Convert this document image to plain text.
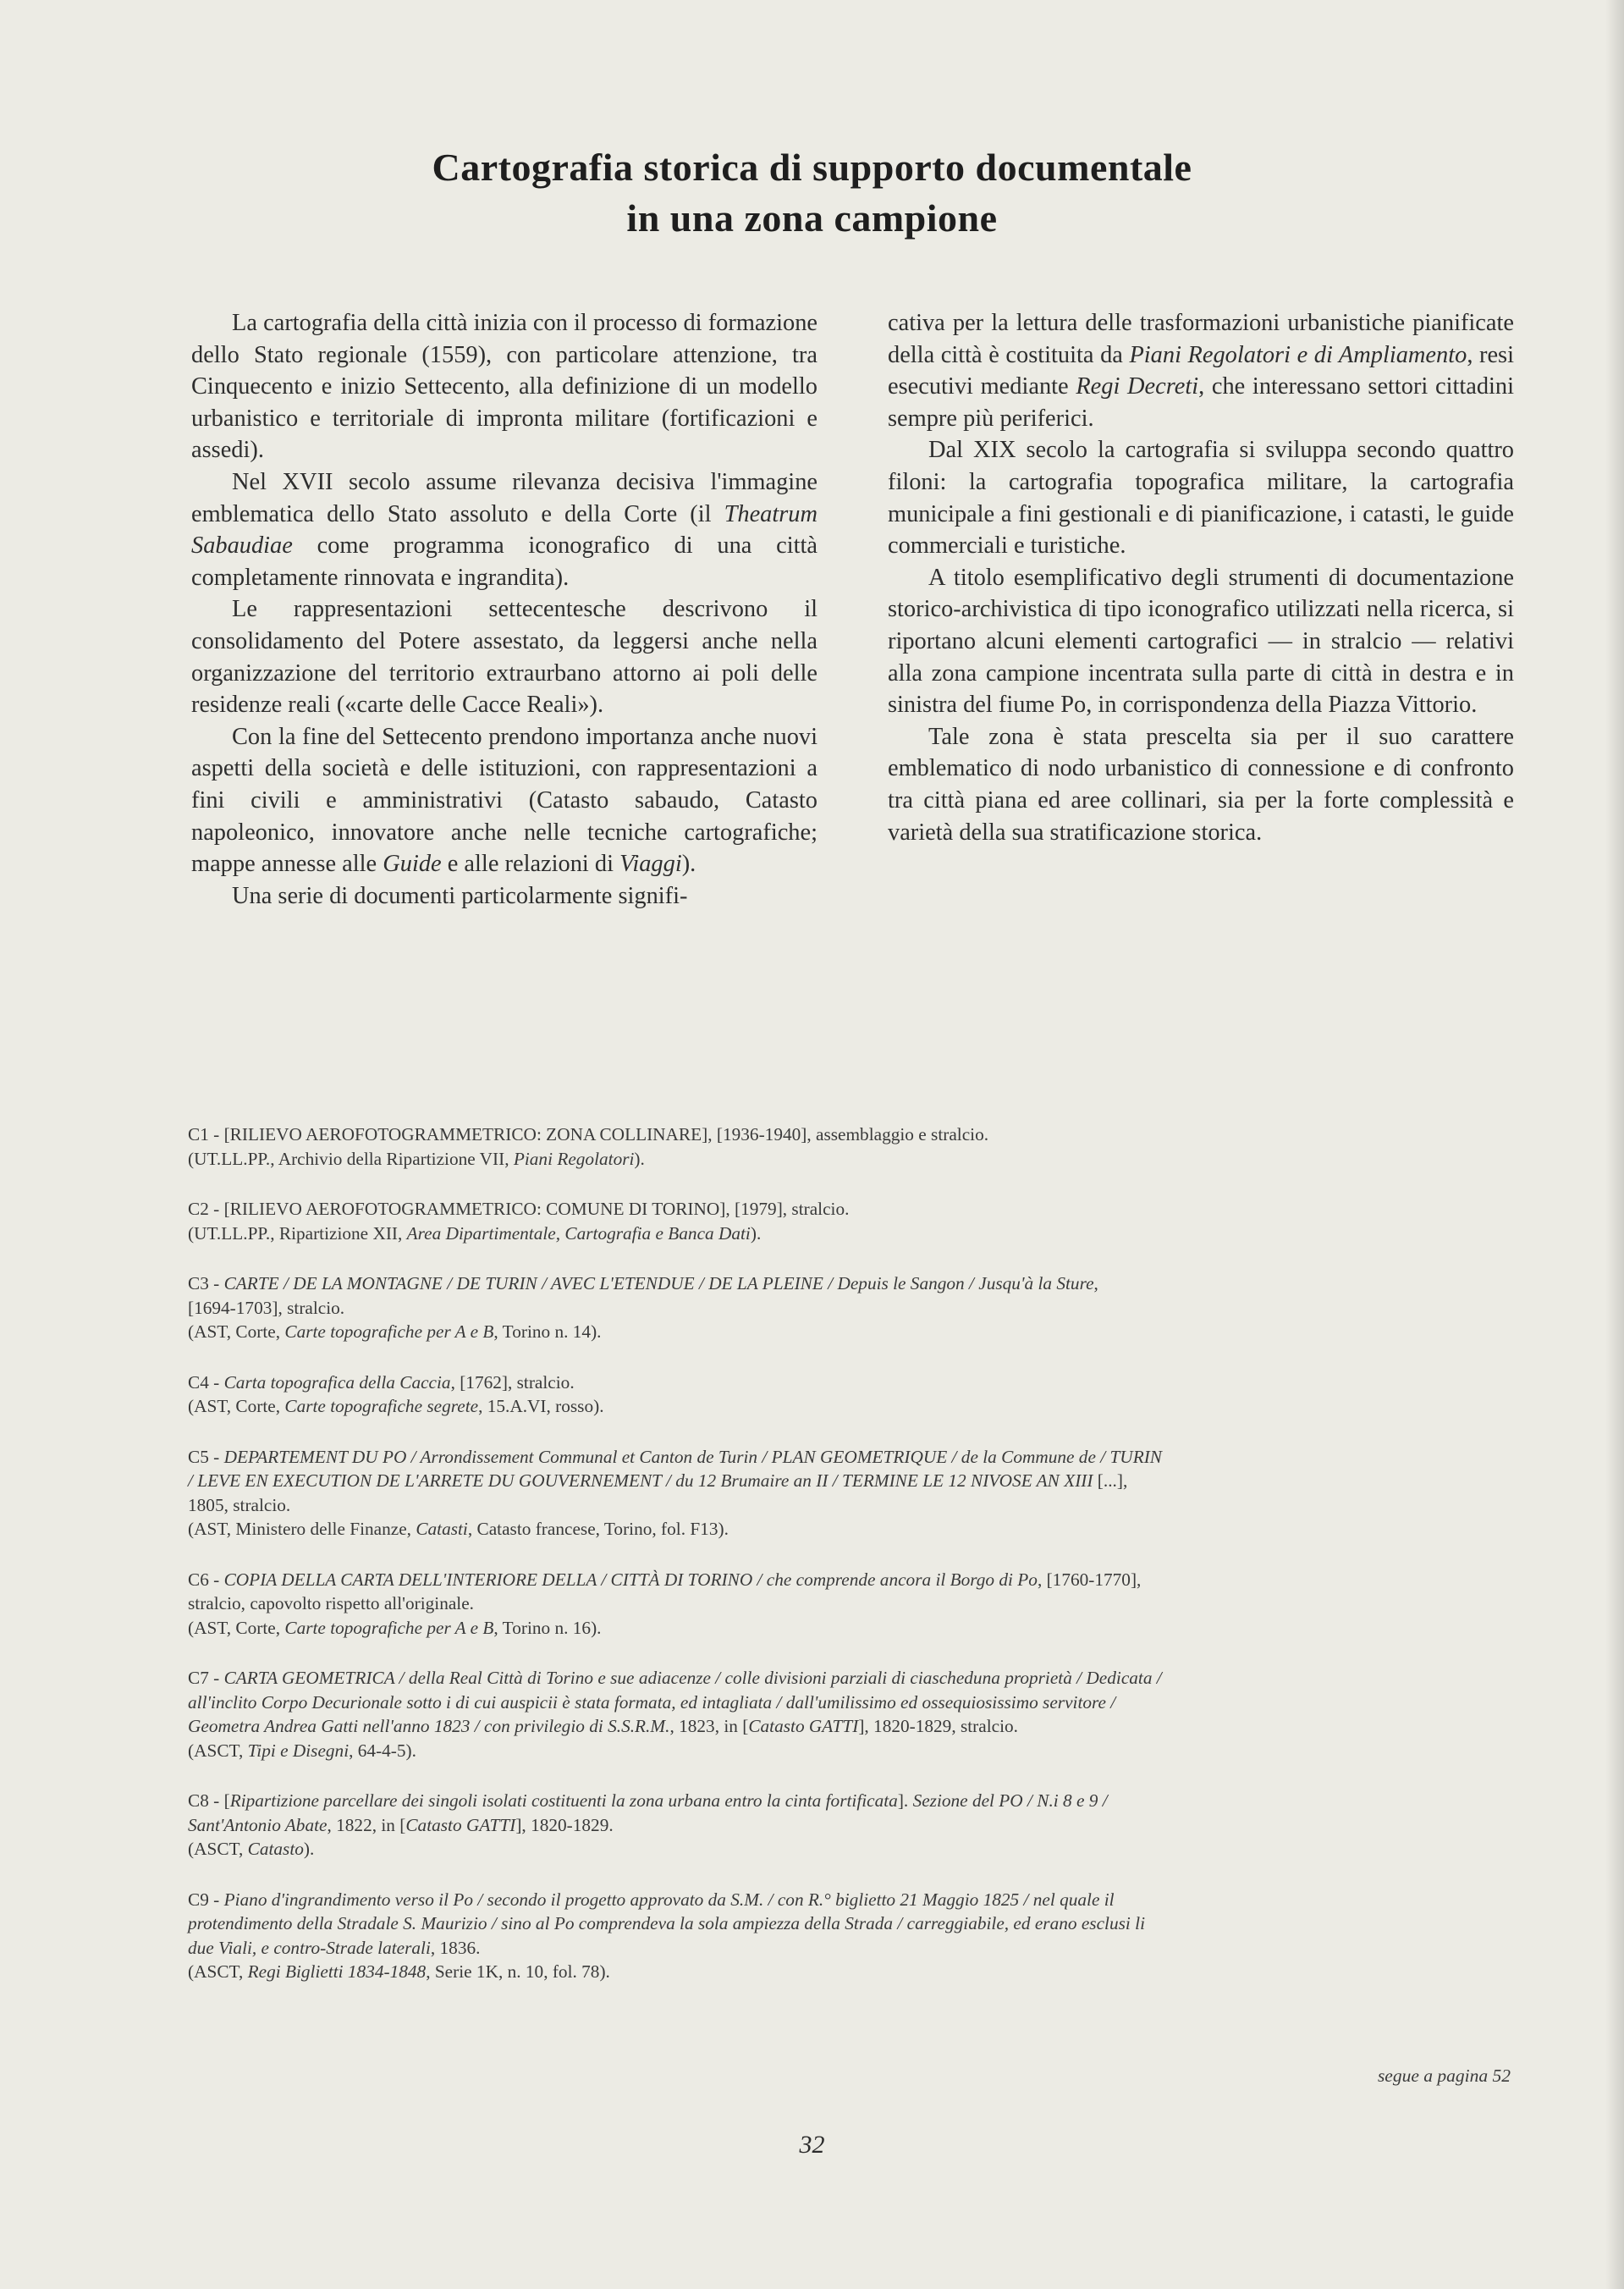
Cartografia storica di supporto documentale
in una zona campione

La cartografia della città inizia con il processo di formazione dello Stato regionale (1559), con particolare attenzione, tra Cinquecento e inizio Settecento, alla definizione di un modello urbanistico e territoriale di impronta militare (fortificazioni e assedi).

Nel XVII secolo assume rilevanza decisiva l'immagine emblematica dello Stato assoluto e della Corte (il Theatrum Sabaudiae come programma iconografico di una città completamente rinnovata e ingrandita).

Le rappresentazioni settecentesche descrivono il consolidamento del Potere assestato, da leggersi anche nella organizzazione del territorio extraurbano attorno ai poli delle residenze reali («carte delle Cacce Reali»).

Con la fine del Settecento prendono importanza anche nuovi aspetti della società e delle istituzioni, con rappresentazioni a fini civili e amministrativi (Catasto sabaudo, Catasto napoleonico, innovatore anche nelle tecniche cartografiche; mappe annesse alle Guide e alle relazioni di Viaggi).

Una serie di documenti particolarmente signifi-

cativa per la lettura delle trasformazioni urbanistiche pianificate della città è costituita da Piani Regolatori e di Ampliamento, resi esecutivi mediante Regi Decreti, che interessano settori cittadini sempre più periferici.

Dal XIX secolo la cartografia si sviluppa secondo quattro filoni: la cartografia topografica militare, la cartografia municipale a fini gestionali e di pianificazione, i catasti, le guide commerciali e turistiche.

A titolo esemplificativo degli strumenti di documentazione storico-archivistica di tipo iconografico utilizzati nella ricerca, si riportano alcuni elementi cartografici — in stralcio — relativi alla zona campione incentrata sulla parte di città in destra e in sinistra del fiume Po, in corrispondenza della Piazza Vittorio.

Tale zona è stata prescelta sia per il suo carattere emblematico di nodo urbanistico di connessione e di confronto tra città piana ed aree collinari, sia per la forte complessità e varietà della sua stratificazione storica.

C1 - [RILIEVO AEROFOTOGRAMMETRICO: ZONA COLLINARE], [1936-1940], assemblaggio e stralcio.
(UT.LL.PP., Archivio della Ripartizione VII, Piani Regolatori).
C2 - [RILIEVO AEROFOTOGRAMMETRICO: COMUNE DI TORINO], [1979], stralcio.
(UT.LL.PP., Ripartizione XII, Area Dipartimentale, Cartografia e Banca Dati).
C3 - CARTE / DE LA MONTAGNE / DE TURIN / AVEC L'ETENDUE / DE LA PLEINE / Depuis le Sangon / Jusqu'à la Sture,
[1694-1703], stralcio.
(AST, Corte, Carte topografiche per A e B, Torino n. 14).
C4 - Carta topografica della Caccia, [1762], stralcio.
(AST, Corte, Carte topografiche segrete, 15.A.VI, rosso).
C5 - DEPARTEMENT DU PO / Arrondissement Communal et Canton de Turin / PLAN GEOMETRIQUE / de la Commune de / TURIN
/ LEVE EN EXECUTION DE L'ARRETE DU GOUVERNEMENT / du 12 Brumaire an II / TERMINE LE 12 NIVOSE AN XIII [...],
1805, stralcio.
(AST, Ministero delle Finanze, Catasti, Catasto francese, Torino, fol. F13).
C6 - COPIA DELLA CARTA DELL'INTERIORE DELLA / CITTÀ DI TORINO / che comprende ancora il Borgo di Po, [1760-1770],
stralcio, capovolto rispetto all'originale.
(AST, Corte, Carte topografiche per A e B, Torino n. 16).
C7 - CARTA GEOMETRICA / della Real Città di Torino e sue adiacenze / colle divisioni parziali di ciascheduna proprietà / Dedicata /
all'inclito Corpo Decurionale sotto i di cui auspicii è stata formata, ed intagliata / dall'umilissimo ed ossequiosissimo servitore /
Geometra Andrea Gatti nell'anno 1823 / con privilegio di S.S.R.M., 1823, in [Catasto GATTI], 1820-1829, stralcio.
(ASCT, Tipi e Disegni, 64-4-5).
C8 - [Ripartizione parcellare dei singoli isolati costituenti la zona urbana entro la cinta fortificata]. Sezione del PO / N.i 8 e 9 /
Sant'Antonio Abate, 1822, in [Catasto GATTI], 1820-1829.
(ASCT, Catasto).
C9 - Piano d'ingrandimento verso il Po / secondo il progetto approvato da S.M. / con R.° biglietto 21 Maggio 1825 / nel quale il
protendimento della Stradale S. Maurizio / sino al Po comprendeva la sola ampiezza della Strada / carreggiabile, ed erano esclusi li
due Viali, e contro-Strade laterali, 1836.
(ASCT, Regi Biglietti 1834-1848, Serie 1K, n. 10, fol. 78).
segue a pagina 52
32
